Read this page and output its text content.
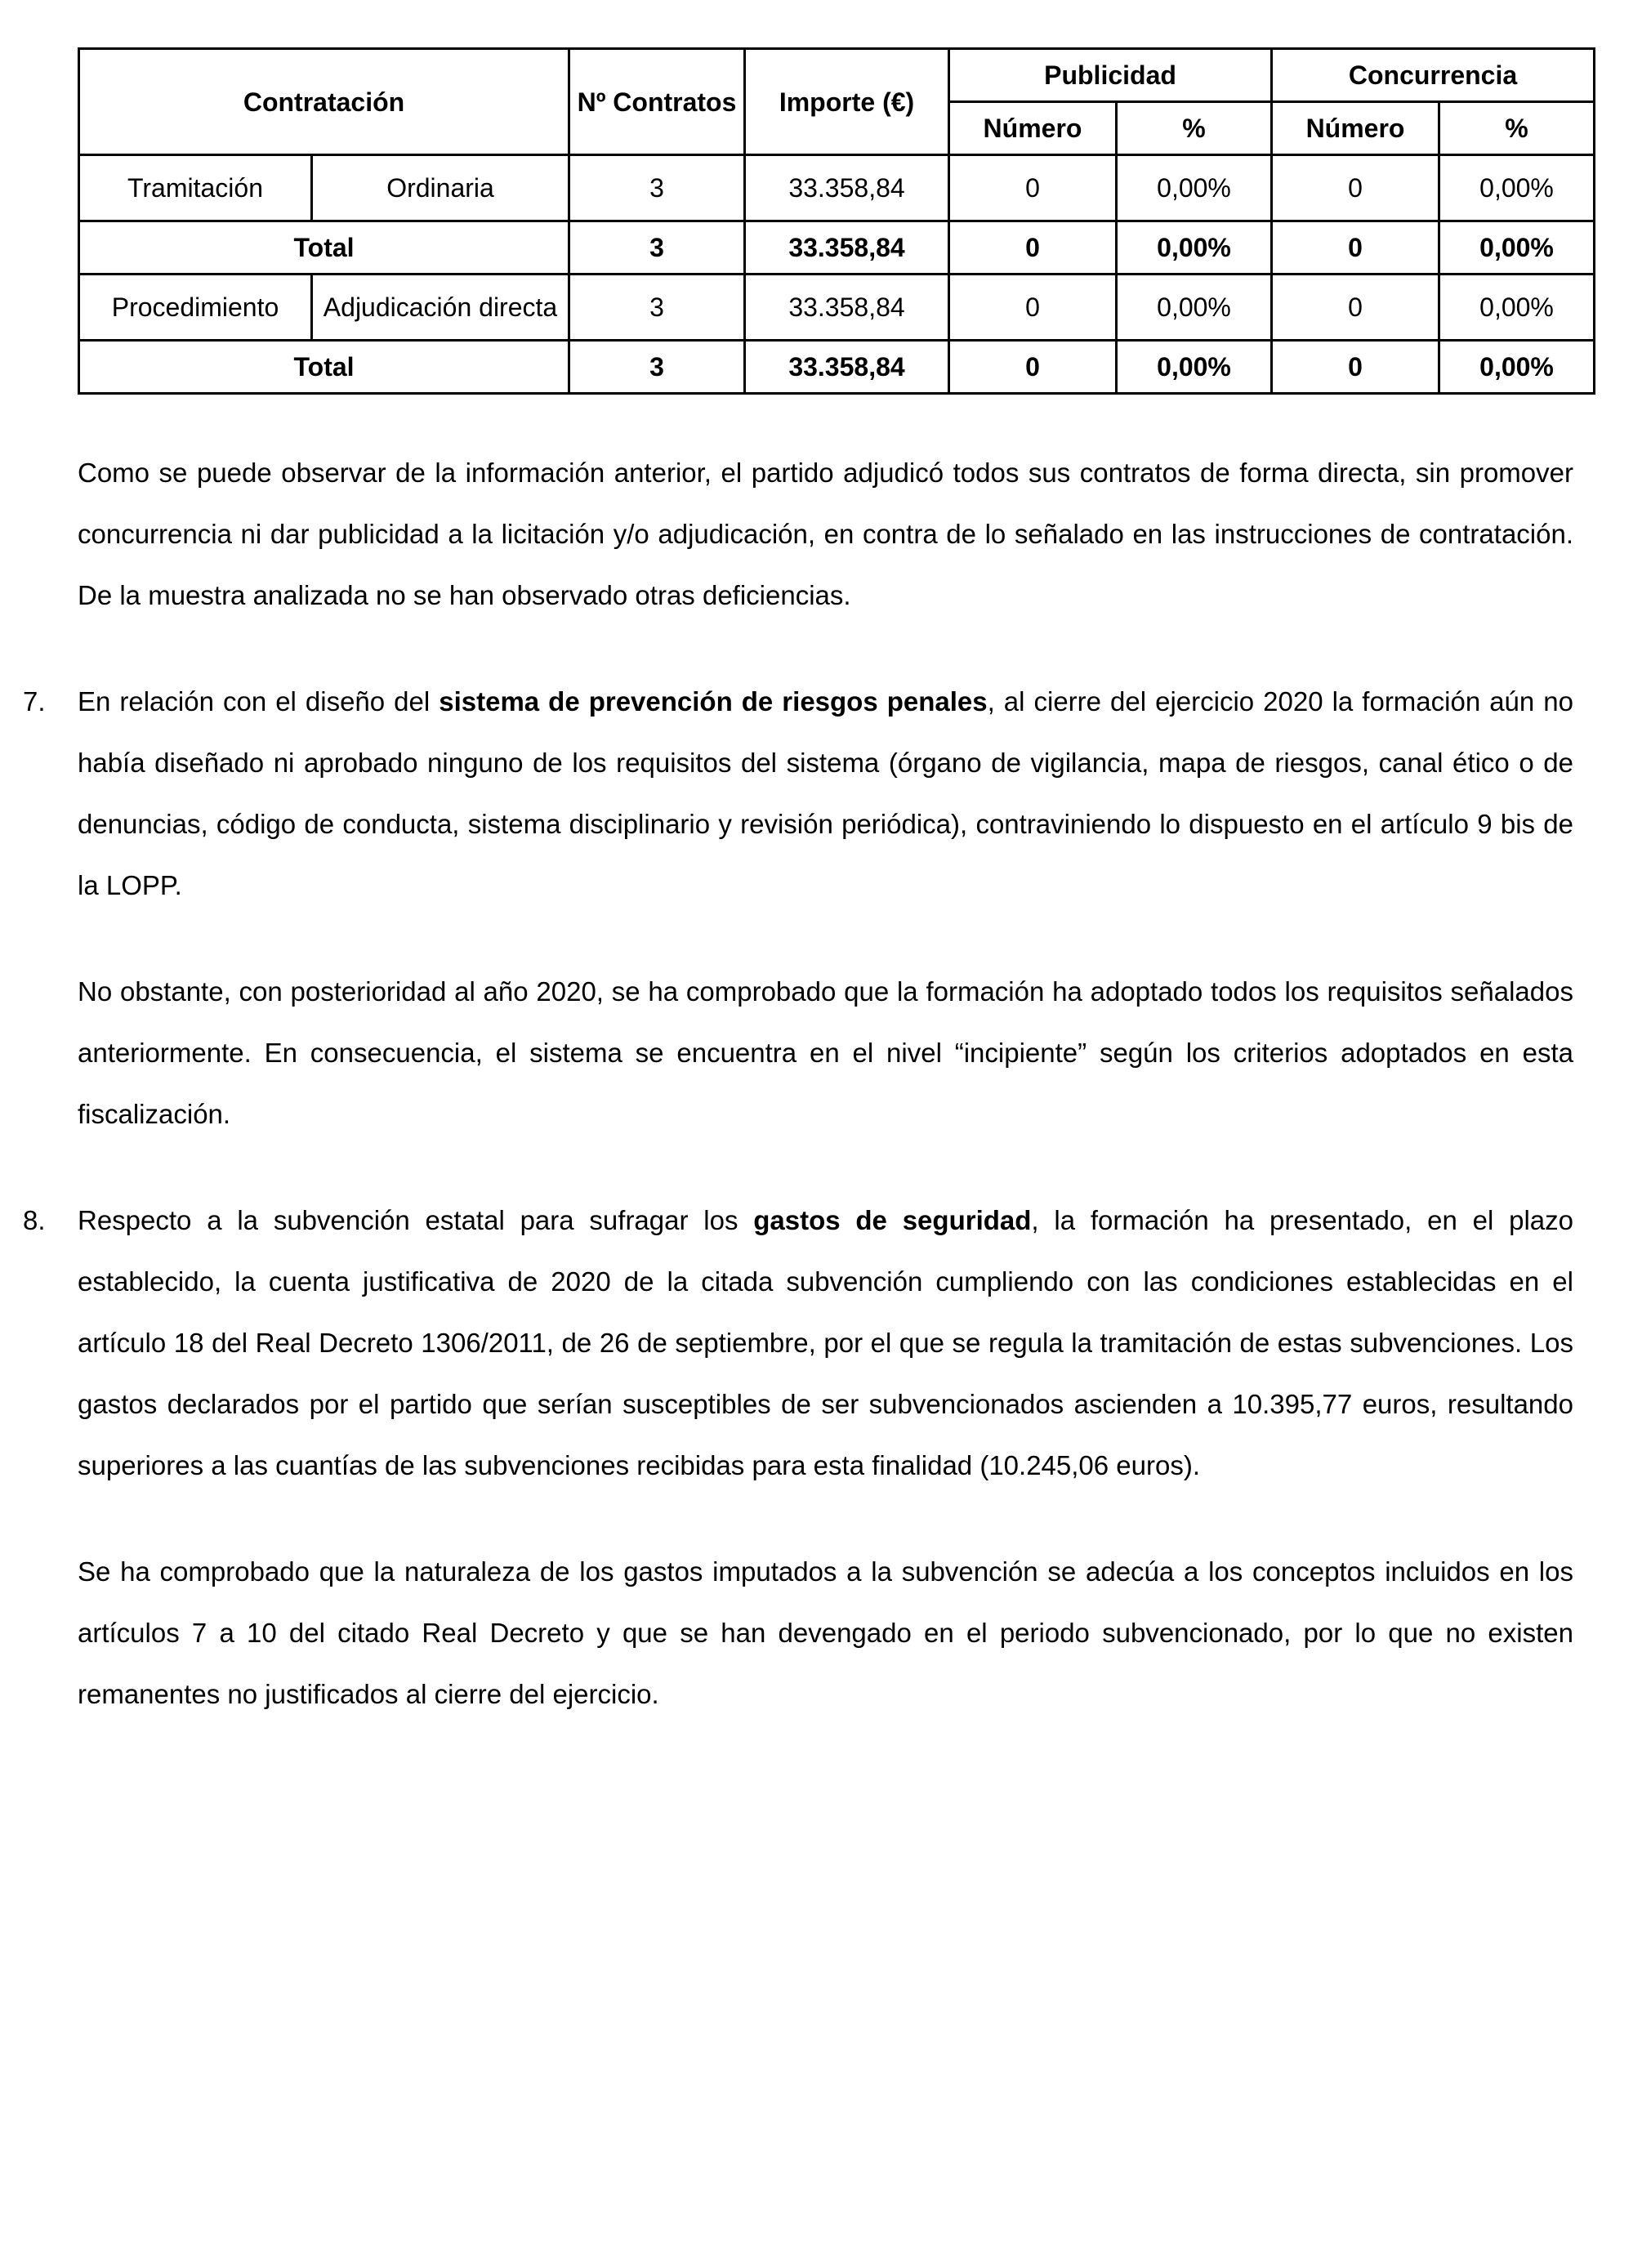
Contratación		Nº Contratos	Importe (€)	Publicidad		Concurrencia	
				Número	%	Número	%
Tramitación	Ordinaria	3	33.358,84	0	0,00%	0	0,00%
Total		3	33.358,84	0	0,00%	0	0,00%
Procedimiento	Adjudicación directa	3	33.358,84	0	0,00%	0	0,00%
Total		3	33.358,84	0	0,00%	0	0,00%

Como se puede observar de la información anterior, el partido adjudicó todos sus contratos de forma directa, sin promover concurrencia ni dar publicidad a la licitación y/o adjudicación, en contra de lo señalado en las instrucciones de contratación. De la muestra analizada no se han observado otras deficiencias.

7.	En relación con el diseño del sistema de prevención de riesgos penales, al cierre del ejercicio 2020 la formación aún no había diseñado ni aprobado ninguno de los requisitos del sistema (órgano de vigilancia, mapa de riesgos, canal ético o de denuncias, código de conducta, sistema disciplinario y revisión periódica), contraviniendo lo dispuesto en el artículo 9 bis de la LOPP.

No obstante, con posterioridad al año 2020, se ha comprobado que la formación ha adoptado todos los requisitos señalados anteriormente. En consecuencia, el sistema se encuentra en el nivel “incipiente” según los criterios adoptados en esta fiscalización.

8.	Respecto a la subvención estatal para sufragar los gastos de seguridad, la formación ha presentado, en el plazo establecido, la cuenta justificativa de 2020 de la citada subvención cumpliendo con las condiciones establecidas en el artículo 18 del Real Decreto 1306/2011, de 26 de septiembre, por el que se regula la tramitación de estas subvenciones. Los gastos declarados por el partido que serían susceptibles de ser subvencionados ascienden a 10.395,77 euros, resultando superiores a las cuantías de las subvenciones recibidas para esta finalidad (10.245,06 euros).

Se ha comprobado que la naturaleza de los gastos imputados a la subvención se adecúa a los conceptos incluidos en los artículos 7 a 10 del citado Real Decreto y que se han devengado en el periodo subvencionado, por lo que no existen remanentes no justificados al cierre del ejercicio.
